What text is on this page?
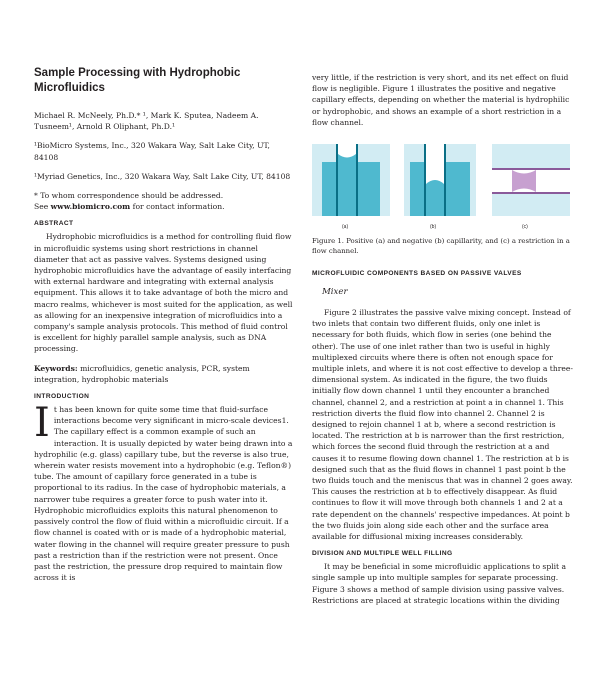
Sample Processing with Hydrophobic Microfluidics

Michael R. McNeely, Ph.D.* ¹, Mark K. Sputea, Nadeem A. Tusneem¹, Arnold R Oliphant, Ph.D.¹

¹BioMicro Systems, Inc., 320 Wakara Way, Salt Lake City, UT, 84108

¹Myriad Genetics, Inc., 320 Wakara Way, Salt Lake City, UT, 84108

* To whom correspondence should be addressed.
See www.biomicro.com for contact information.

ABSTRACT

Hydrophobic microfluidics is a method for controlling fluid flow in microfluidic systems using short restrictions in channel diameter that act as passive valves. Systems designed using hydrophobic microfluidics have the advantage of easily interfacing with external hardware and integrating with external analysis equipment. This allows it to take advantage of both the micro and macro realms, whichever is most suited for the application, as well as allowing for an inexpensive integration of microfluidics into a company's sample analysis protocols. This method of fluid control is excellent for highly parallel sample analysis, such as DNA processing.

Keywords: microfluidics, genetic analysis, PCR, system integration, hydrophobic materials

INTRODUCTION

It has been known for quite some time that fluid-surface interactions become very significant in micro-scale devices1. The capillary effect is a common example of such an interaction. It is usually depicted by water being drawn into a hydrophilic (e.g. glass) capillary tube, but the reverse is also true, wherein water resists movement into a hydrophobic (e.g. Teflon®) tube. The amount of capillary force generated in a tube is proportional to its radius. In the case of hydrophobic materials, a narrower tube requires a greater force to push water into it. Hydrophobic microfluidics exploits this natural phenomenon to passively control the flow of fluid within a microfluidic circuit. If a flow channel is coated with or is made of a hydrophobic material, water flowing in the channel will require greater pressure to push past a restriction than if the restriction were not present. Once past the restriction, the pressure drop required to maintain flow across it is

very little, if the restriction is very short, and its net effect on fluid flow is negligible. Figure 1 illustrates the positive and negative capillary effects, depending on whether the material is hydrophilic or hydrophobic, and shows an example of a short restriction in a flow channel.

(a)	(b)	(c)

Figure 1. Positive (a) and negative (b) capillarity, and (c) a restriction in a flow channel.

MICROFLUIDIC COMPONENTS BASED ON PASSIVE VALVES
Mixer

Figure 2 illustrates the passive valve mixing concept. Instead of two inlets that contain two different fluids, only one inlet is necessary for both fluids, which flow in series (one behind the other). The use of one inlet rather than two is useful in highly multiplexed circuits where there is often not enough space for multiple inlets, and where it is not cost effective to develop a three-dimensional system. As indicated in the figure, the two fluids initially flow down channel 1 until they encounter a branched channel, channel 2, and a restriction at point a in channel 1. This restriction diverts the fluid flow into channel 2. Channel 2 is designed to rejoin channel 1 at b, where a second restriction is located. The restriction at b is narrower than the first restriction, which forces the second fluid through the restriction at a and causes it to resume flowing down channel 1. The restriction at b is designed such that as the fluid flows in channel 1 past point b the two fluids touch and the meniscus that was in channel 2 goes away. This causes the restriction at b to effectively disappear. As fluid continues to flow it will move through both channels 1 and 2 at a rate dependent on the channels' respective impedances. At point b the two fluids join along side each other and the surface area available for diffusional mixing increases considerably.

DIVISION AND MULTIPLE WELL FILLING

It may be beneficial in some microfluidic applications to split a single sample up into multiple samples for separate processing. Figure 3 shows a method of sample division using passive valves. Restrictions are placed at strategic locations within the dividing
